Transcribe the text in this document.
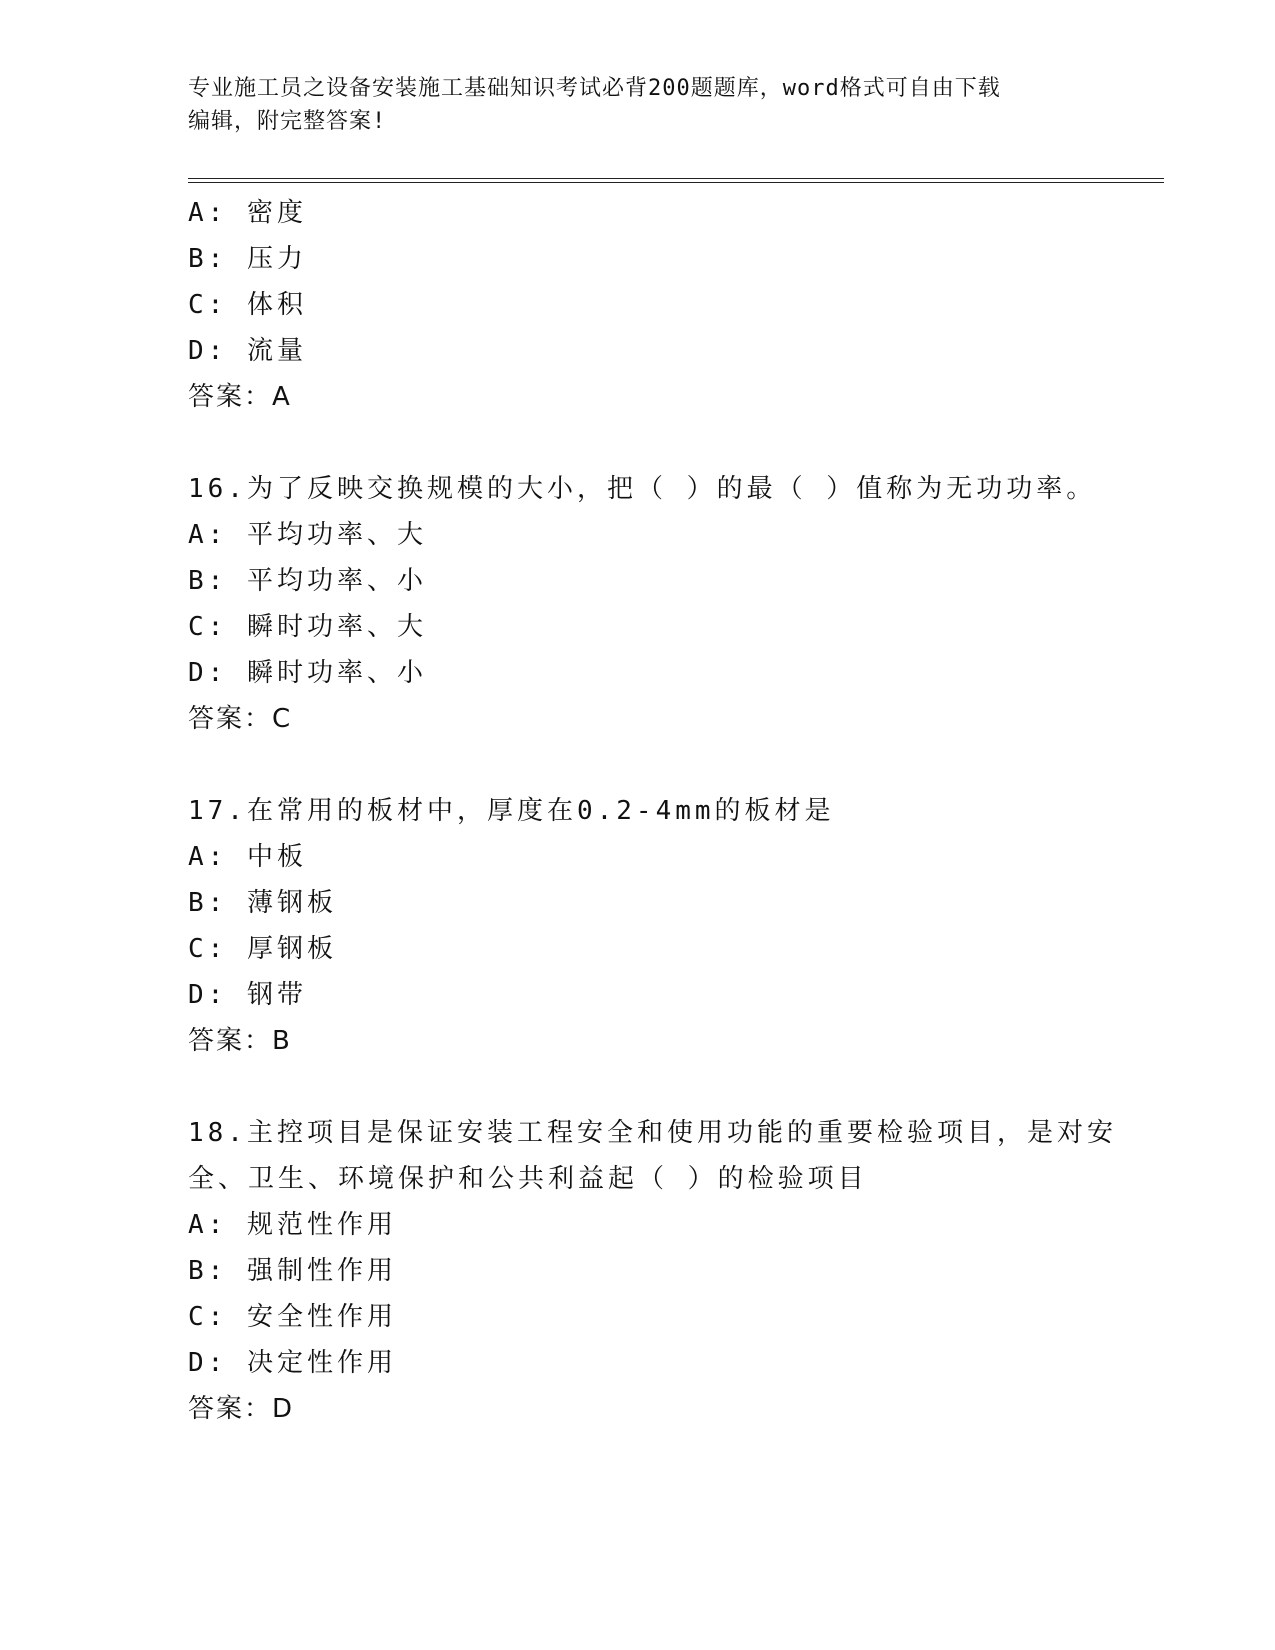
专业施工员之设备安装施工基础知识考试必背200题题库，word格式可自由下载
编辑，附完整答案!
A: 密度
B: 压力
C: 体积
D: 流量
答案：A
16.为了反映交换规模的大小，把（ ）的最（ ）值称为无功功率。
A: 平均功率、大
B: 平均功率、小
C: 瞬时功率、大
D: 瞬时功率、小
答案：C
17.在常用的板材中，厚度在0.2-4mm的板材是
A: 中板
B: 薄钢板
C: 厚钢板
D: 钢带
答案：B
18.主控项目是保证安装工程安全和使用功能的重要检验项目，是对安
全、卫生、环境保护和公共利益起（ ）的检验项目
A: 规范性作用
B: 强制性作用
C: 安全性作用
D: 决定性作用
答案：D
